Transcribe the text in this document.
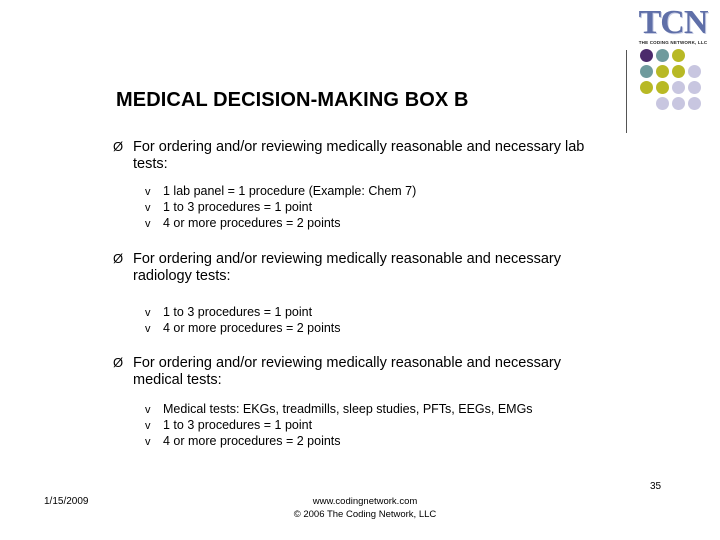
TCN
THE CODING NETWORK, LLC
MEDICAL DECISION-MAKING BOX B
Ø For ordering and/or reviewing medically reasonable and necessary lab tests:
v 1 lab panel = 1 procedure (Example: Chem 7)
v 1 to 3 procedures = 1 point
v 4 or more procedures = 2 points
Ø For ordering and/or reviewing medically reasonable and necessary radiology tests:
v 1 to 3 procedures = 1 point
v 4 or more procedures = 2 points
Ø For ordering and/or reviewing medically reasonable and necessary medical tests:
v Medical tests: EKGs, treadmills, sleep studies, PFTs, EEGs, EMGs
v 1 to 3 procedures = 1 point
v 4 or more procedures = 2 points
35
1/15/2009	www.codingnetwork.com
© 2006 The Coding Network, LLC
